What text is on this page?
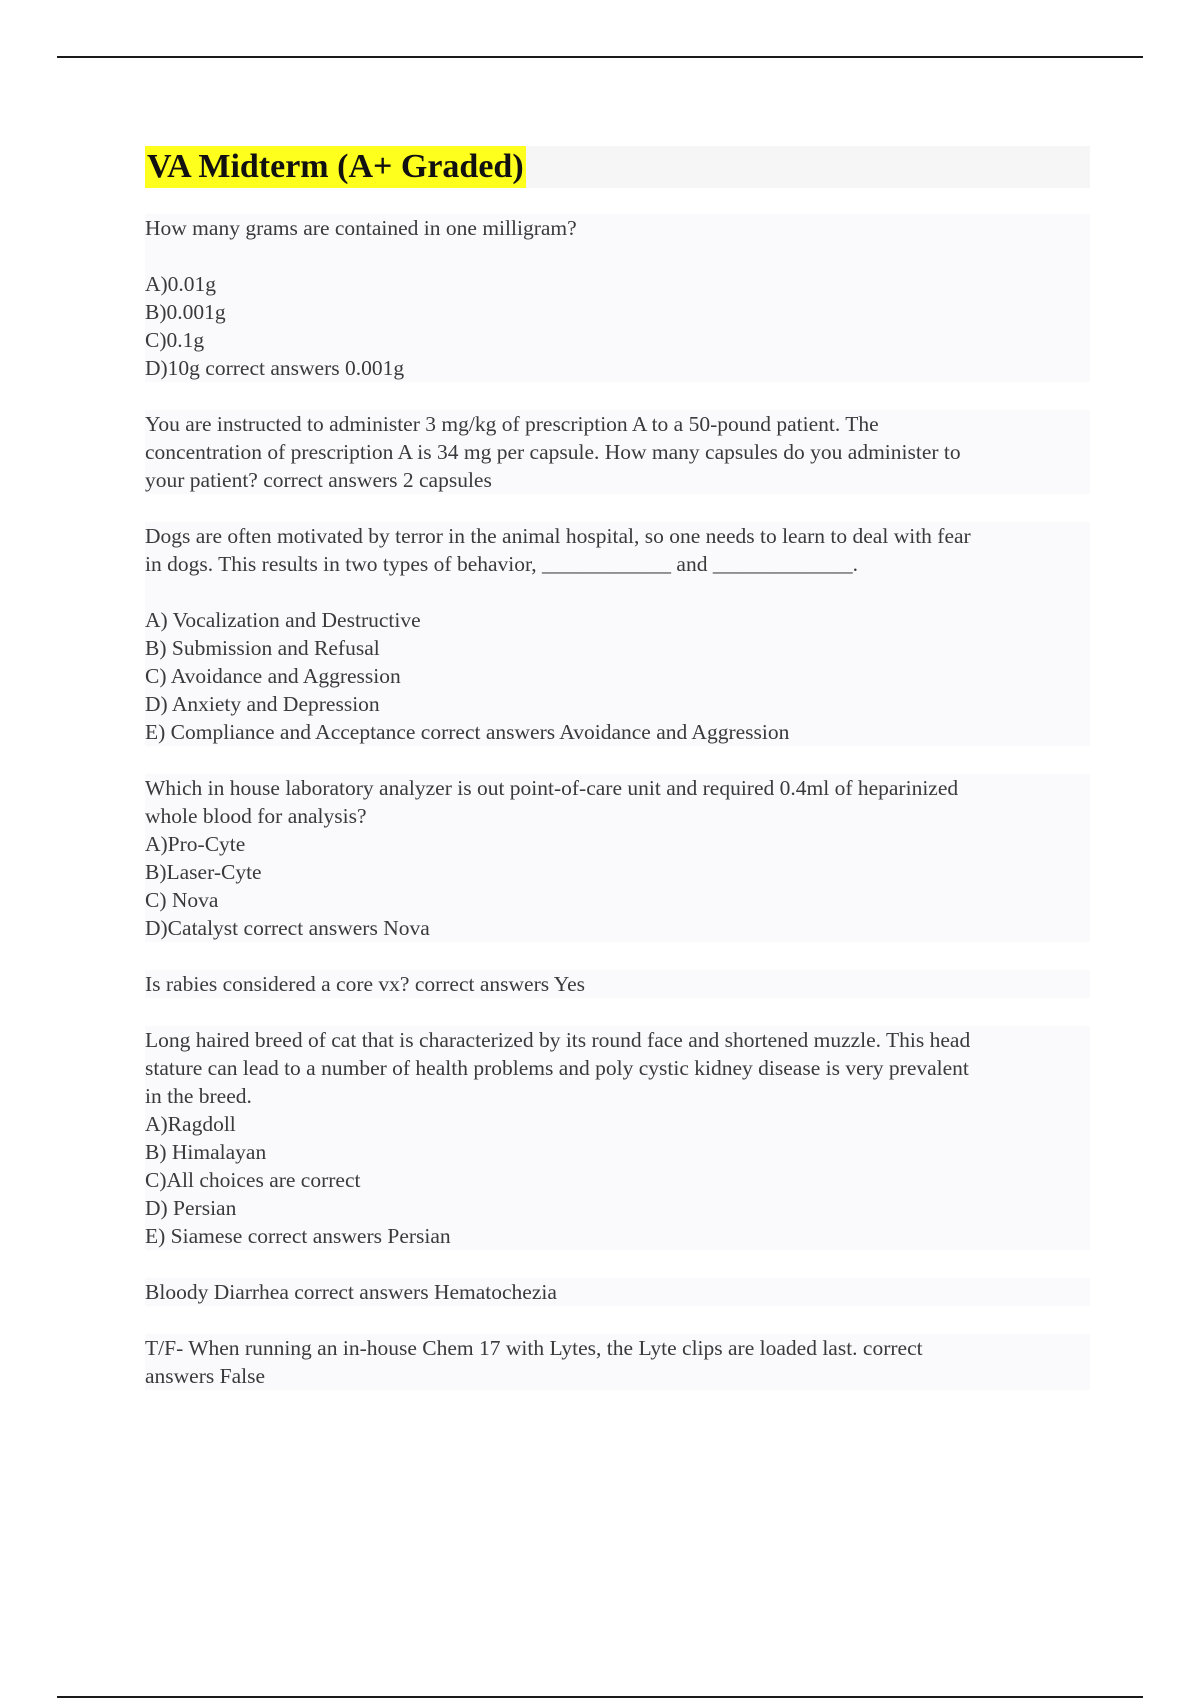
VA Midterm (A+ Graded)
How many grams are contained in one milligram?
A)0.01g
B)0.001g
C)0.1g
D)10g correct answers 0.001g
You are instructed to administer 3 mg/kg of prescription A to a 50-pound patient. The
concentration of prescription A is 34 mg per capsule. How many capsules do you administer to
your patient? correct answers 2 capsules
Dogs are often motivated by terror in the animal hospital, so one needs to learn to deal with fear
in dogs. This results in two types of behavior, ____________ and _____________.
A) Vocalization and Destructive
B) Submission and Refusal
C) Avoidance and Aggression
D) Anxiety and Depression
E) Compliance and Acceptance correct answers Avoidance and Aggression
Which in house laboratory analyzer is out point-of-care unit and required 0.4ml of heparinized
whole blood for analysis?
A)Pro-Cyte
B)Laser-Cyte
C) Nova
D)Catalyst correct answers Nova
Is rabies considered a core vx? correct answers Yes
Long haired breed of cat that is characterized by its round face and shortened muzzle. This head
stature can lead to a number of health problems and poly cystic kidney disease is very prevalent
in the breed.
A)Ragdoll
B) Himalayan
C)All choices are correct
D) Persian
E) Siamese correct answers Persian
Bloody Diarrhea correct answers Hematochezia
T/F- When running an in-house Chem 17 with Lytes, the Lyte clips are loaded last. correct
answers False
